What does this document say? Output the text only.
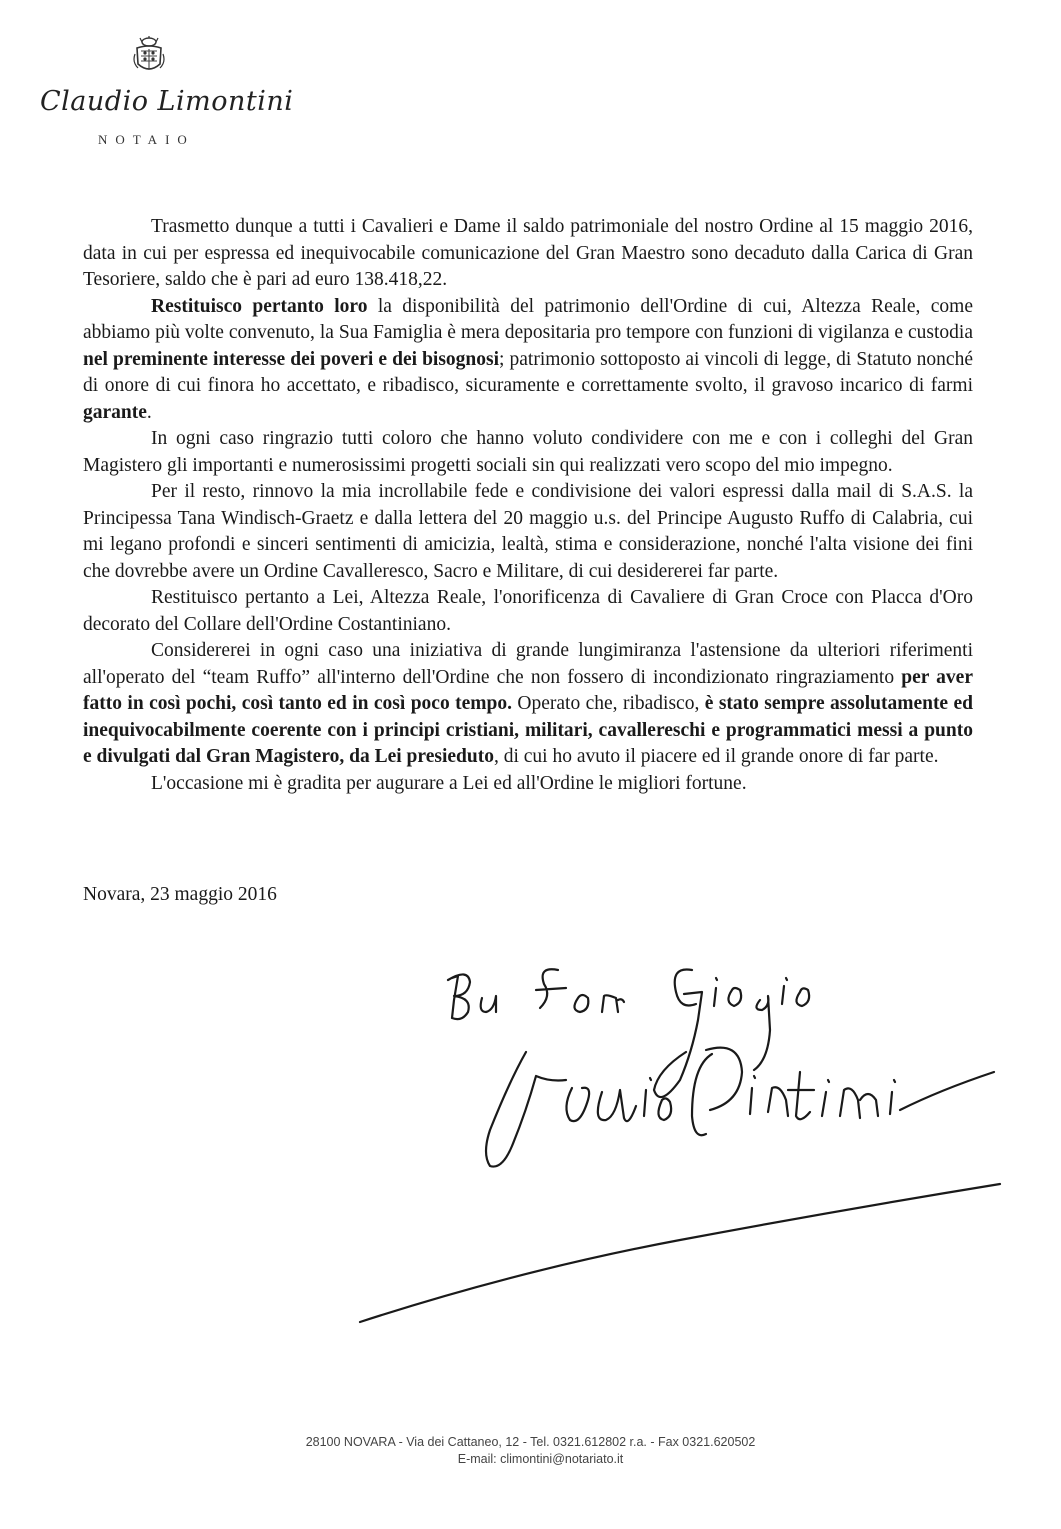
Claudio Limontini
NOTAIO

Trasmetto dunque a tutti i Cavalieri e Dame il saldo patrimoniale del nostro Ordine al 15 maggio 2016, data in cui per espressa ed inequivocabile comunicazione del Gran Maestro sono decaduto dalla Carica di Gran Tesoriere, saldo che è pari ad euro 138.418,22.

Restituisco pertanto loro la disponibilità del patrimonio dell'Ordine di cui, Altezza Reale, come abbiamo più volte convenuto, la Sua Famiglia è mera depositaria pro tempore con funzioni di vigilanza e custodia nel preminente interesse dei poveri e dei bisognosi; patrimonio sottoposto ai vincoli di legge, di Statuto nonché di onore di cui finora ho accettato, e ribadisco, sicuramente e correttamente svolto, il gravoso incarico di farmi garante.

In ogni caso ringrazio tutti coloro che hanno voluto condividere con me e con i colleghi del Gran Magistero gli importanti e numerosissimi progetti sociali sin qui realizzati vero scopo del mio impegno.

Per il resto, rinnovo la mia incrollabile fede e condivisione dei valori espressi dalla mail di S.A.S. la Principessa Tana Windisch-Graetz e dalla lettera del 20 maggio u.s. del Principe Augusto Ruffo di Calabria, cui mi legano profondi e sinceri sentimenti di amicizia, lealtà, stima e considerazione, nonché l'alta visione dei fini che dovrebbe avere un Ordine Cavalleresco, Sacro e Militare, di cui desidererei far parte.

Restituisco pertanto a Lei, Altezza Reale, l'onorificenza di Cavaliere di Gran Croce con Placca d'Oro decorato del Collare dell'Ordine Costantiniano.

Considererei in ogni caso una iniziativa di grande lungimiranza l'astensione da ulteriori riferimenti all'operato del “team Ruffo” all'interno dell'Ordine che non fossero di incondizionato ringraziamento per aver fatto in così pochi, così tanto ed in così poco tempo. Operato che, ribadisco, è stato sempre assolutamente ed inequivocabilmente coerente con i principi cristiani, militari, cavallereschi e programmatici messi a punto e divulgati dal Gran Magistero, da Lei presieduto, di cui ho avuto il piacere ed il grande onore di far parte.

L'occasione mi è gradita per augurare a Lei ed all'Ordine le migliori fortune.

Novara, 23 maggio 2016
28100 NOVARA - Via dei Cattaneo, 12 - Tel. 0321.612802 r.a. - Fax 0321.620502
E-mail: climontini@notariato.it
